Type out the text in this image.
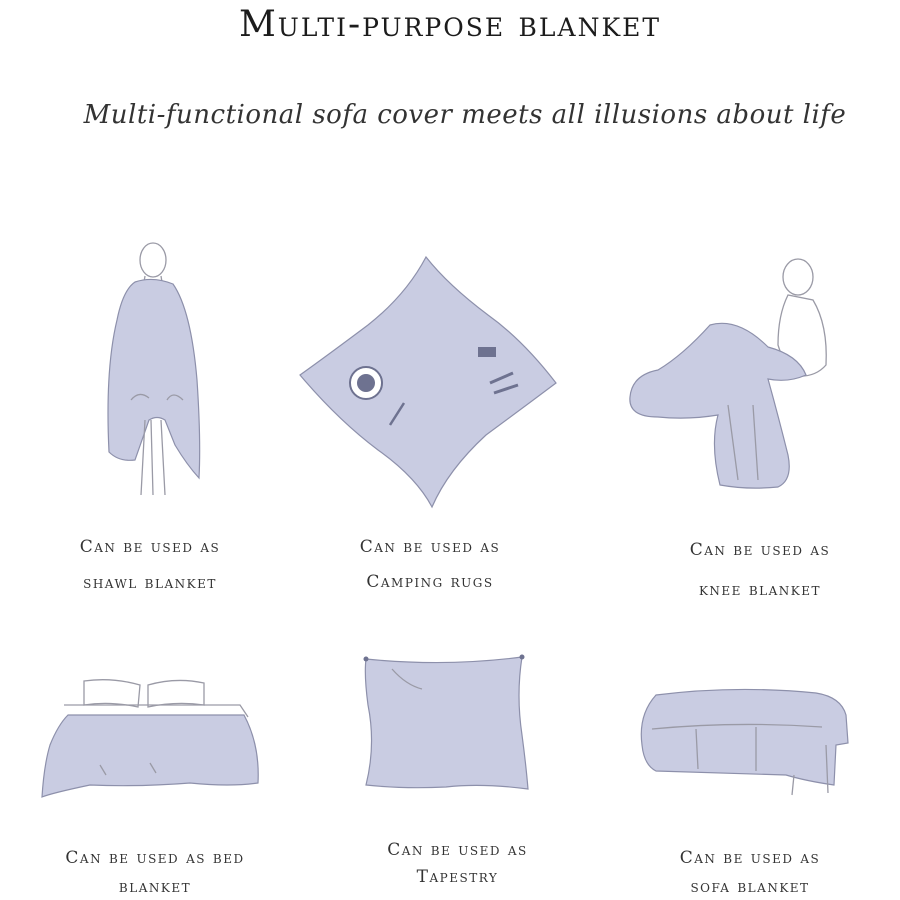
Multi-purpose blanket
Multi-functional sofa cover meets all illusions about life
Can be used as
shawl blanket
Can be used as
Camping rugs
Can be used as
knee blanket
Can be used as bed
blanket
Can be used as
Tapestry
Can be used as
sofa blanket
